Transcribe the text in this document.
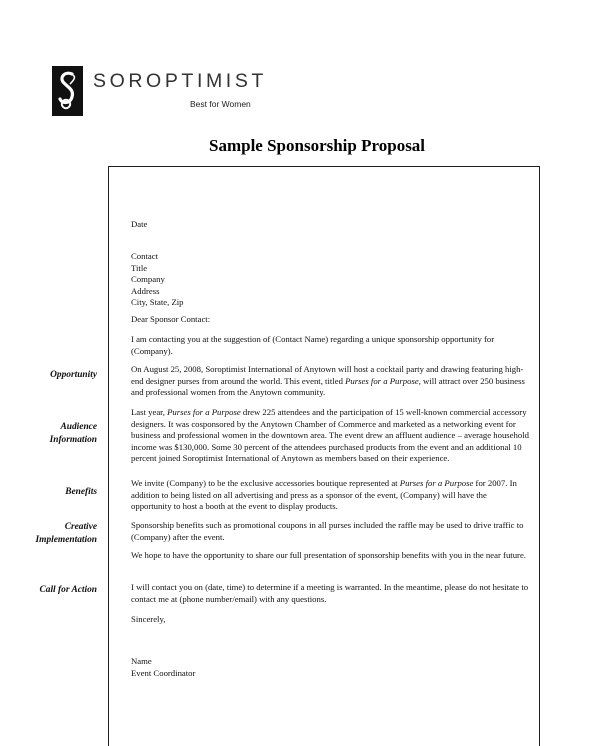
SOROPTIMIST
Best for Women
Sample Sponsorship Proposal
Opportunity
Audience
Information
Benefits
Creative
Implementation
Call for Action
Date
Contact
Title
Company
Address
City, State, Zip
Dear Sponsor Contact:
I am contacting you at the suggestion of (Contact Name) regarding a unique sponsorship opportunity for (Company).
On August 25, 2008, Soroptimist International of Anytown will host a cocktail party and drawing featuring high-end designer purses from around the world. This event, titled Purses for a Purpose, will attract over 250 business and professional women from the Anytown community.
Last year, Purses for a Purpose drew 225 attendees and the participation of 15 well-known commercial accessory designers. It was cosponsored by the Anytown Chamber of Commerce and marketed as a networking event for business and professional women in the downtown area. The event drew an affluent audience – average household income was $130,000. Some 30 percent of the attendees purchased products from the event and an additional 10 percent joined Soroptimist International of Anytown as members based on their experience.
We invite (Company) to be the exclusive accessories boutique represented at Purses for a Purpose for 2007. In addition to being listed on all advertising and press as a sponsor of the event, (Company) will have the opportunity to host a booth at the event to display products.
Sponsorship benefits such as promotional coupons in all purses included the raffle may be used to drive traffic to (Company) after the event.
We hope to have the opportunity to share our full presentation of sponsorship benefits with you in the near future.
I will contact you on (date, time) to determine if a meeting is warranted. In the meantime, please do not hesitate to contact me at (phone number/email) with any questions.
Sincerely,
Name
Event Coordinator
